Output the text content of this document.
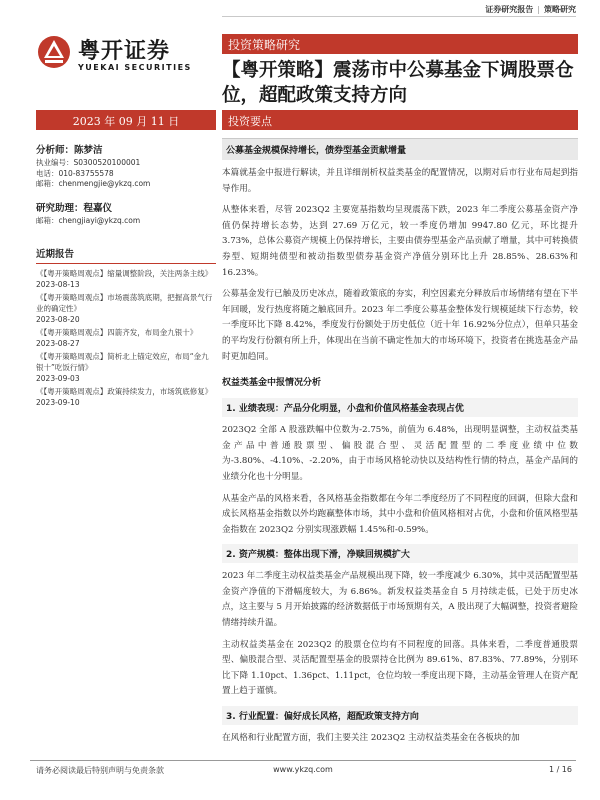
证券研究报告 | 策略研究
粤开证券
YUEKAI SECURITIES
投资策略研究
【粤开策略】震荡市中公募基金下调股票仓位，超配政策支持方向
2023 年 09 月 11 日	投资要点
分析师：陈梦洁
执业编号：S0300520100001
电话：010-83755578
邮箱：chenmengjie@ykzq.com
研究助理：程嘉仪
邮箱：chengjiayi@ykzq.com
近期报告
《【粤开策略周观点】缩量调整阶段，关注两条主线》
2023-08-13
《【粤开策略周观点】市场震荡筑底期，把握高景气行业的确定性》
2023-08-20
《【粤开策略周观点】四箭齐发，布局金九银十》
2023-08-27
《【粤开策略周观点】简析北上锚定效应，布局“金九银十”吃饭行情》
2023-09-03
《【粤开策略周观点】政策持续发力，市场筑底修复》
2023-09-10
公募基金规模保持增长，债券型基金贡献增量
本篇就基金中报进行解读，并且详细剖析权益类基金的配置情况，以期对后市行业布局起到指导作用。
从整体来看，尽管 2023Q2 主要宽基指数均呈现震荡下跌，2023 年二季度公募基金资产净值仍保持增长态势，达到 27.69 万亿元，较一季度仍增加 9947.80 亿元，环比提升 3.73%，总体公募资产规模上仍保持增长，主要由债券型基金产品贡献了增量，其中可转换债券型、短期纯债型和被动指数型债券基金资产净值分别环比上升 28.85%、28.63%和 16.23%。
公募基金发行已触及历史冰点，随着政策底的夯实，利空因素充分释放后市场情绪有望在下半年回暖，发行热度将随之触底回升。2023 年二季度公募基金整体发行规模延续下行态势，较一季度环比下降 8.42%，季度发行份额处于历史低位（近十年 16.92%分位点），但单只基金的平均发行份额有所上升，体现出在当前不确定性加大的市场环境下，投资者在挑选基金产品时更加趋同。
权益类基金中报情况分析
1. 业绩表现：产品分化明显，小盘和价值风格基金表现占优
2023Q2 全部 A 股涨跌幅中位数为-2.75%，前值为 6.48%，出现明显调整，主动权益类基金产品中普通股票型、偏股混合型、灵活配置型的二季度业绩中位数为-3.80%、-4.10%、-2.20%，由于市场风格轮动快以及结构性行情的特点，基金产品间的业绩分化也十分明显。
从基金产品的风格来看，各风格基金指数都在今年二季度经历了不同程度的回调，但除大盘和成长风格基金指数以外均跑赢整体市场，其中小盘和价值风格相对占优，小盘和价值风格型基金指数在 2023Q2 分别实现涨跌幅 1.45%和-0.59%。
2. 资产规模：整体出现下滑，净赎回规模扩大
2023 年二季度主动权益类基金产品规模出现下降，较一季度减少 6.30%，其中灵活配置型基金资产净值的下滑幅度较大，为 6.86%。新发权益类基金自 5 月持续走低，已处于历史冰点，这主要与 5 月开始披露的经济数据低于市场预期有关，A 股出现了大幅调整，投资者避险情绪持续升温。
主动权益类基金在 2023Q2 的股票仓位均有不同程度的回落。具体来看，二季度普通股票型、偏股混合型、灵活配置型基金的股票持仓比例为 89.61%、87.83%、77.89%，分别环比下降 1.10pct、1.36pct、1.11pct，仓位均较一季度出现下降，主动基金管理人在资产配置上趋于谨慎。
3. 行业配置：偏好成长风格，超配政策支持方向
在风格和行业配置方面，我们主要关注 2023Q2 主动权益类基金在各板块的加
请务必阅读最后特别声明与免责条款	www.ykzq.com	1 / 16
